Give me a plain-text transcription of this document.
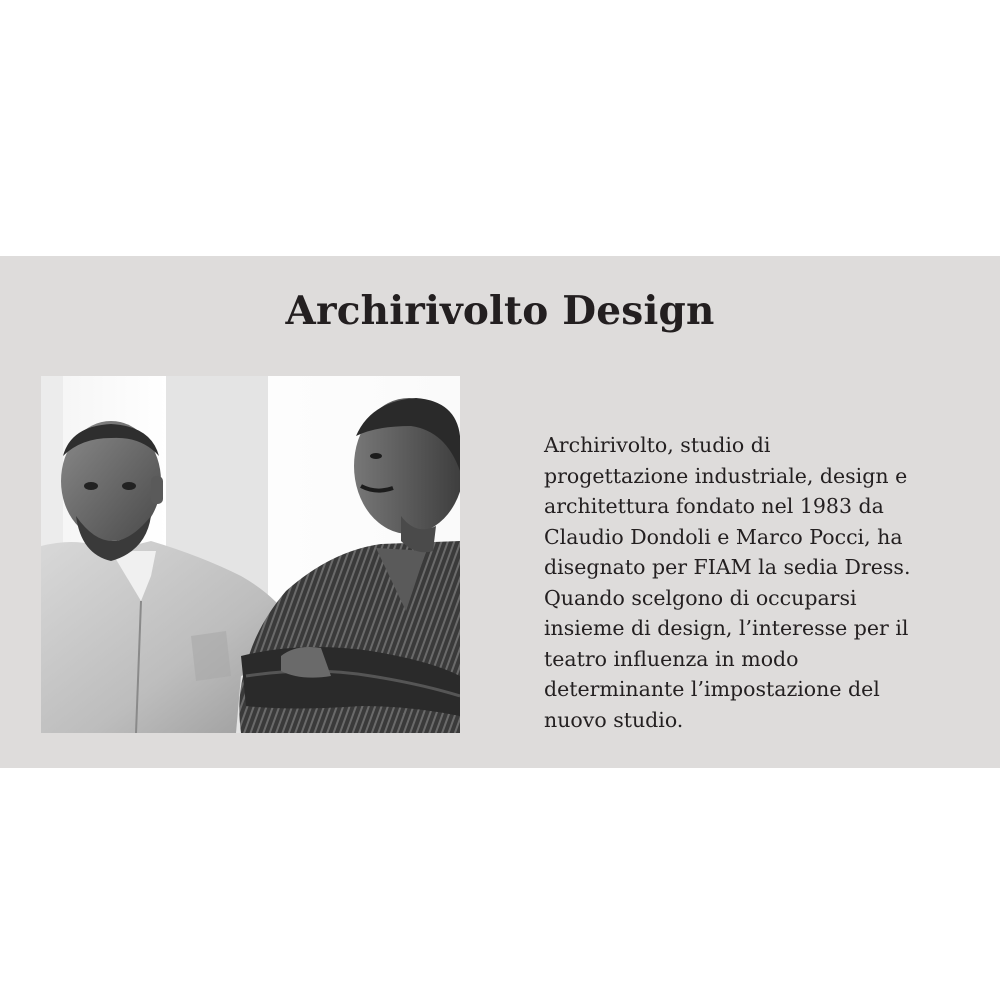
Archirivolto Design

Archirivolto, studio di
progettazione industriale, design e
architettura fondato nel 1983 da
Claudio Dondoli e Marco Pocci, ha
disegnato per FIAM la sedia Dress.
Quando scelgono di occuparsi
insieme di design, l’interesse per il
teatro influenza in modo
determinante l’impostazione del
nuovo studio.
